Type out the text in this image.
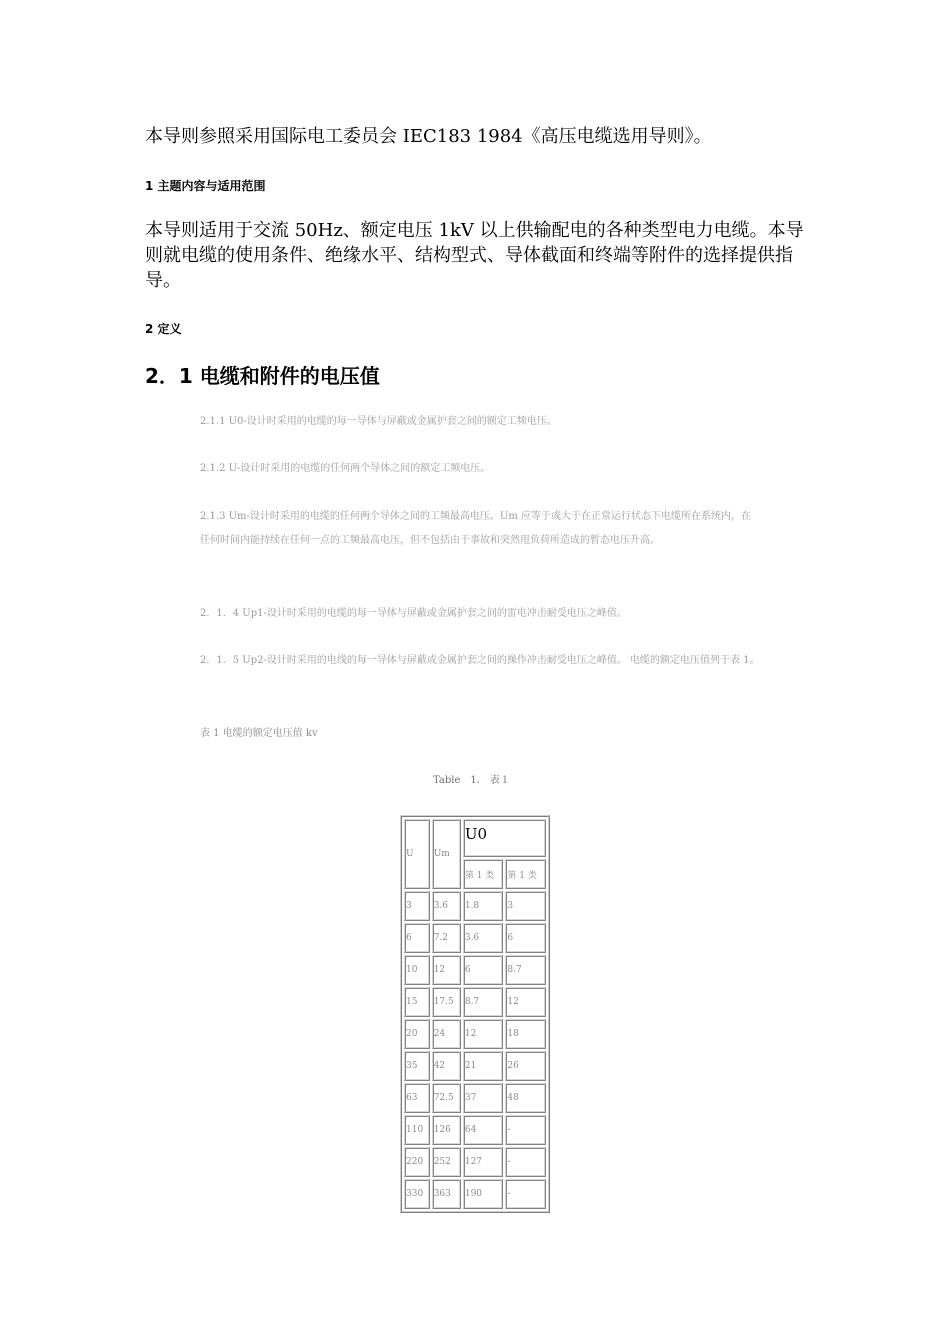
本导则参照采用国际电工委员会 IEC183 1984《高压电缆选用导则》。
1 主题内容与适用范围
本导则适用于交流 50Hz、额定电压 1kV 以上供输配电的各种类型电力电缆。本导则就电缆的使用条件、绝缘水平、结构型式、导体截面和终端等附件的选择提供指导。
2 定义
2．1 电缆和附件的电压值
2.1.1 U0-设计时采用的电缆的每一导体与屏蔽或金属护套之间的额定工频电压。
2.1.2 U-设计时采用的电缆的任何两个导体之间的额定工频电压。
2.1.3 Um-设计时采用的电缆的任何两个导体之间的工频最高电压。Um 应等于或大于在正常运行状态下电缆所在系统内，在任何时间内能持续在任何一点的工频最高电压，但不包括由于事故和突然甩负荷所造成的暂态电压升高。
2．1．4 Up1-设计时采用的电缆的每一导体与屏蔽或金属护套之间的雷电冲击耐受电压之峰值。
2．1．5 Up2-设计时采用的电线的每一导体与屏蔽或金属护套之间的操作冲击耐受电压之峰值。 电缆的额定电压值列于表 1。
表 1 电缆的额定电压值 kv
Table　1.　表１
U	Um	U0	
		第 1 类	第 1 类
3	3.6	1.8	3
6	7.2	3.6	6
10	12	6	8.7
15	17.5	8.7	12
20	24	12	18
35	42	21	26
63	72.5	37	48
110	126	64	-
220	252	127	-
330	363	190	-
